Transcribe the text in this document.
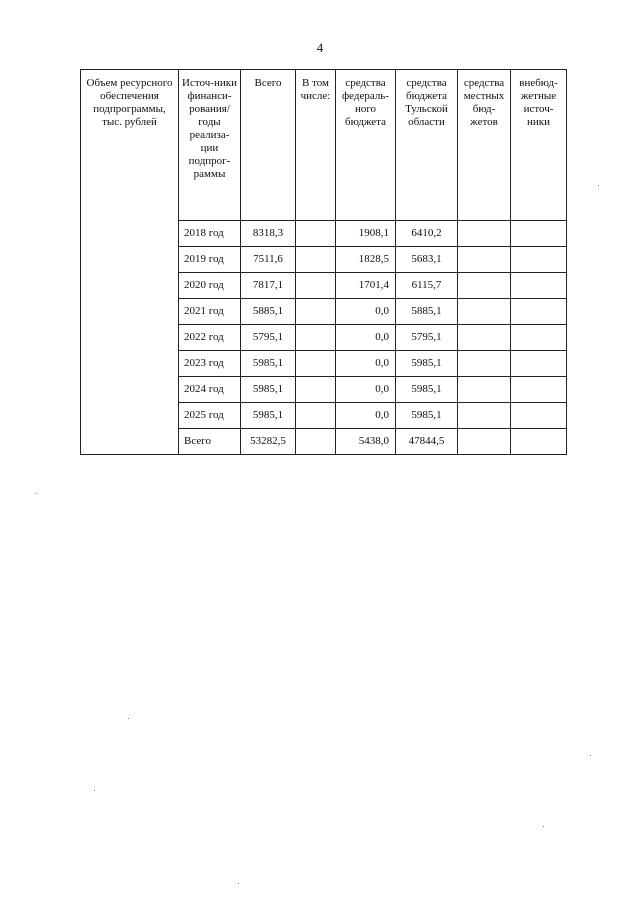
4
Объем ресурсного обеспечения подпрограммы, тыс. рублей	Источ-ники финанси-рования/ годы реализа-ции подпрог-раммы	Всего	В том числе:	средства федераль-ного бюджета	средства бюджета Тульской области	средства местных бюд-жетов	внебюд-жетные источ-ники
	2018 год	8318,3		1908,1	6410,2		
	2019 год	7511,6		1828,5	5683,1		
	2020 год	7817,1		1701,4	6115,7		
	2021 год	5885,1		0,0	5885,1		
	2022 год	5795,1		0,0	5795,1		
	2023 год	5985,1		0,0	5985,1		
	2024 год	5985,1		0,0	5985,1		
	2025 год	5985,1		0,0	5985,1		
	Всего	53282,5		5438,0	47844,5		
